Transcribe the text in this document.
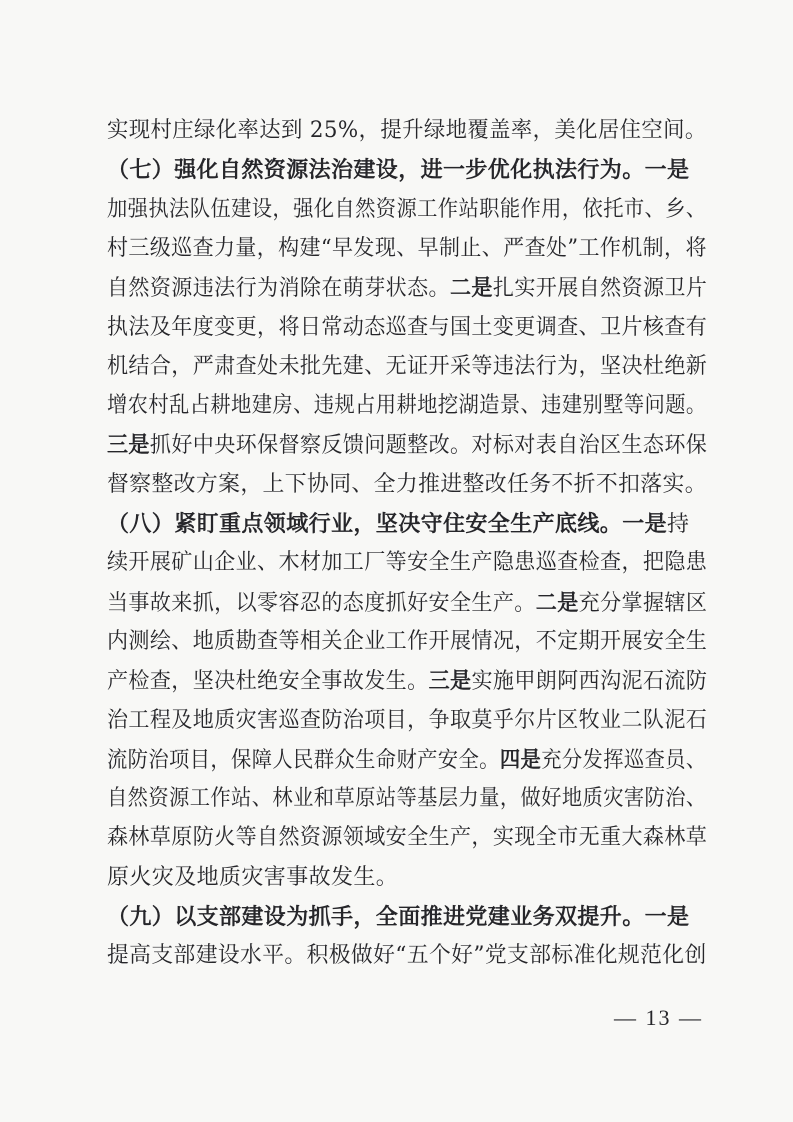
实现村庄绿化率达到 25%，提升绿地覆盖率，美化居住空间。
（七）强化自然资源法治建设，进一步优化执法行为。一是
加强执法队伍建设，强化自然资源工作站职能作用，依托市、乡、
村三级巡查力量，构建“早发现、早制止、严查处”工作机制，将
自然资源违法行为消除在萌芽状态。二是扎实开展自然资源卫片
执法及年度变更，将日常动态巡查与国土变更调查、卫片核查有
机结合，严肃查处未批先建、无证开采等违法行为，坚决杜绝新
增农村乱占耕地建房、违规占用耕地挖湖造景、违建别墅等问题。
三是抓好中央环保督察反馈问题整改。对标对表自治区生态环保
督察整改方案，上下协同、全力推进整改任务不折不扣落实。
（八）紧盯重点领域行业，坚决守住安全生产底线。一是持
续开展矿山企业、木材加工厂等安全生产隐患巡查检查，把隐患
当事故来抓，以零容忍的态度抓好安全生产。二是充分掌握辖区
内测绘、地质勘查等相关企业工作开展情况，不定期开展安全生
产检查，坚决杜绝安全事故发生。三是实施甲朗阿西沟泥石流防
治工程及地质灾害巡查防治项目，争取莫乎尔片区牧业二队泥石
流防治项目，保障人民群众生命财产安全。四是充分发挥巡查员、
自然资源工作站、林业和草原站等基层力量，做好地质灾害防治、
森林草原防火等自然资源领域安全生产，实现全市无重大森林草
原火灾及地质灾害事故发生。
（九）以支部建设为抓手，全面推进党建业务双提升。一是
提高支部建设水平。积极做好“五个好”党支部标准化规范化创
— 13 —
